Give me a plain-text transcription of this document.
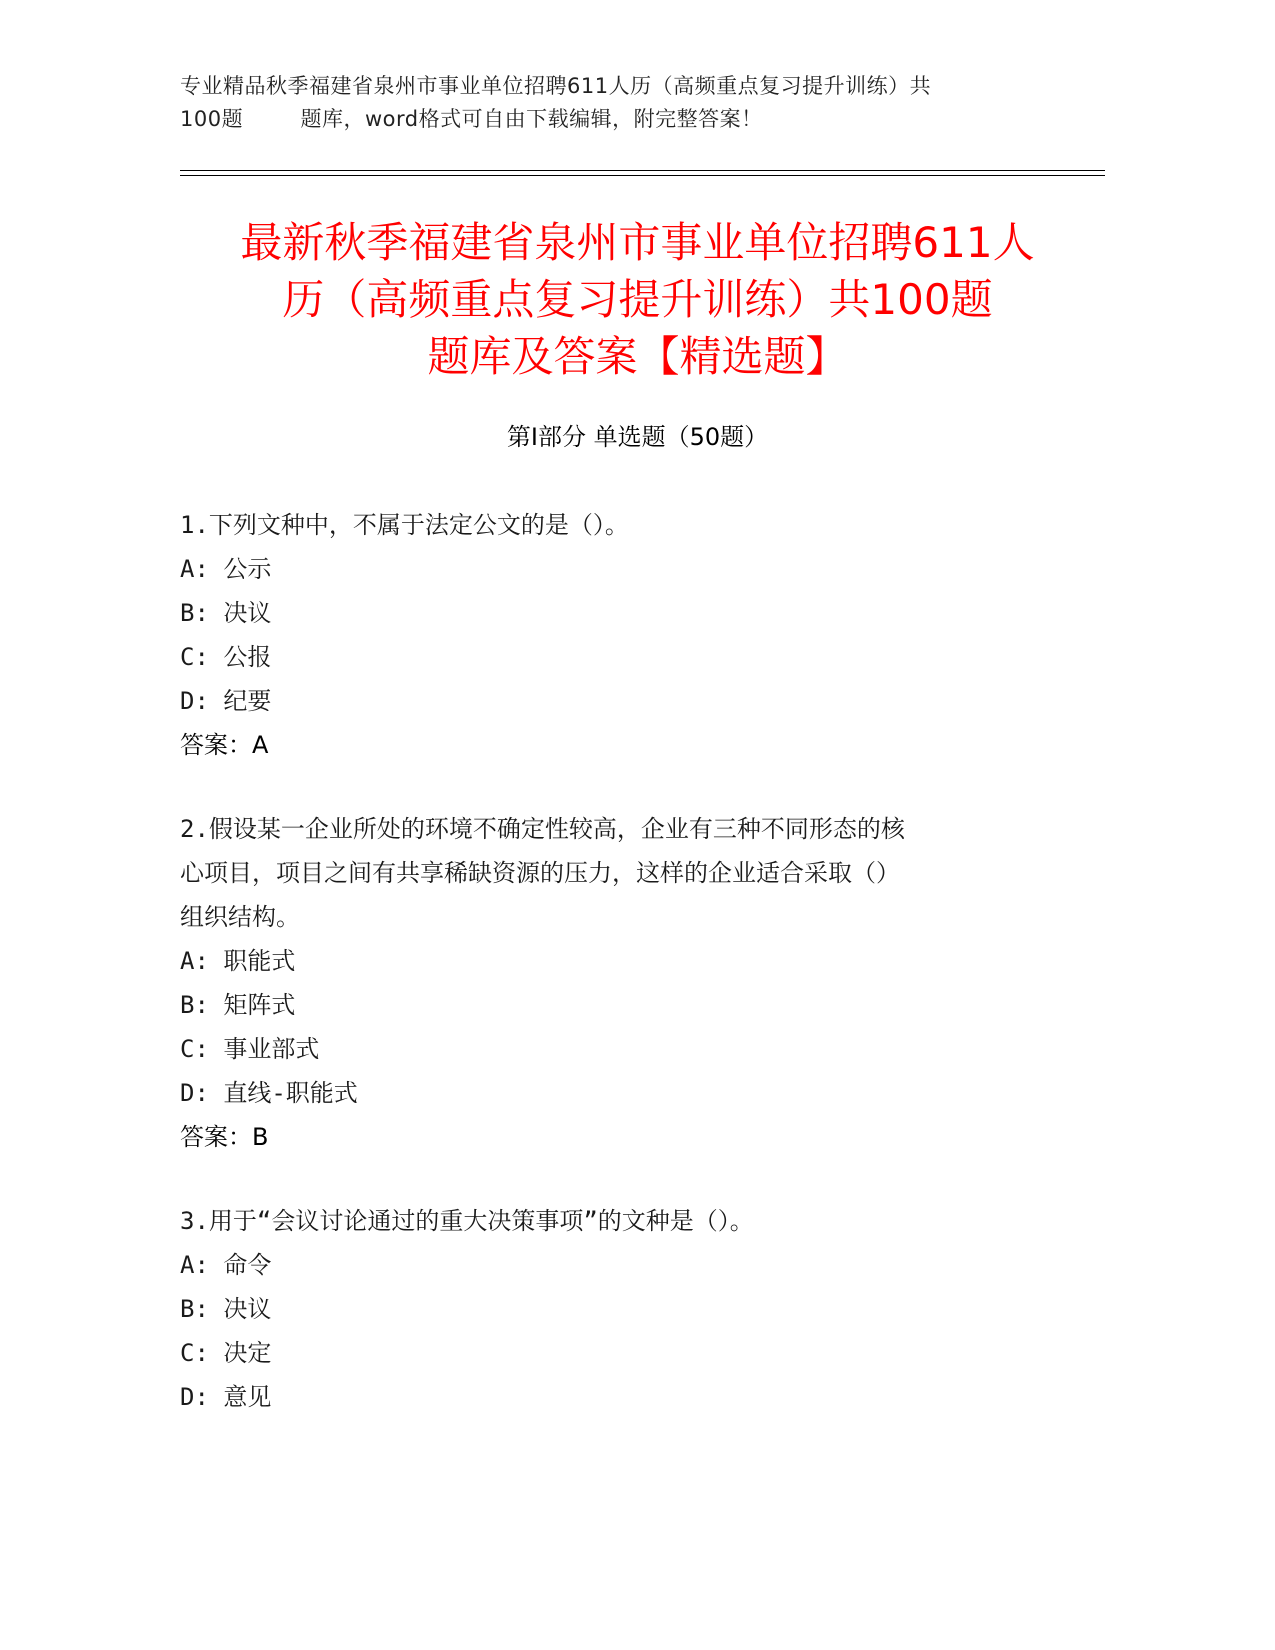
专业精品秋季福建省泉州市事业单位招聘611人历（高频重点复习提升训练）共
100题        题库，word格式可自由下载编辑，附完整答案！
最新秋季福建省泉州市事业单位招聘611人
历（高频重点复习提升训练）共100题
题库及答案【精选题】
第Ⅰ部分 单选题（50题）
1.下列文种中，不属于法定公文的是（）。
A: 公示
B: 决议
C: 公报
D: 纪要
答案：A
2.假设某一企业所处的环境不确定性较高，企业有三种不同形态的核
心项目，项目之间有共享稀缺资源的压力，这样的企业适合采取（）
组织结构。
A: 职能式
B: 矩阵式
C: 事业部式
D: 直线-职能式
答案：B
3.用于“会议讨论通过的重大决策事项”的文种是（）。
A: 命令
B: 决议
C: 决定
D: 意见
